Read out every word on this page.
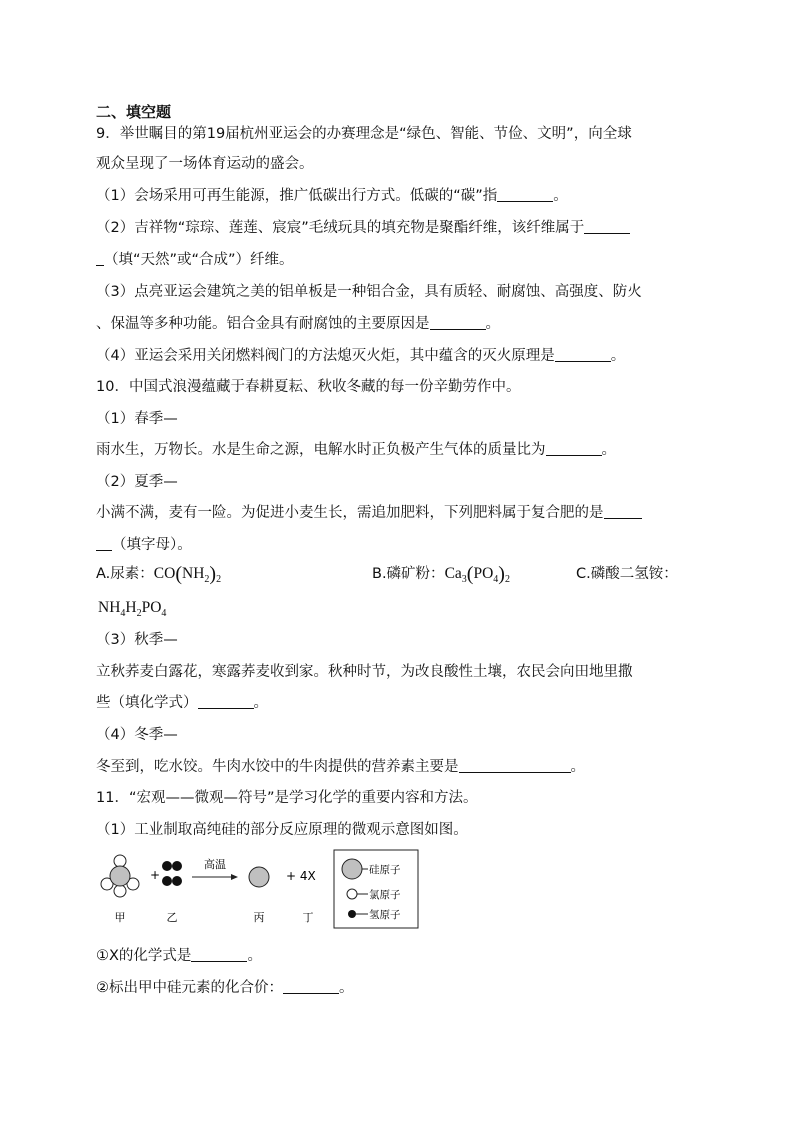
二、填空题
9．举世瞩目的第19届杭州亚运会的办赛理念是“绿色、智能、节俭、文明”，向全球
观众呈现了一场体育运动的盛会。
（1）会场采用可再生能源，推广低碳出行方式。低碳的“碳”指	。
（2）吉祥物“琮琮、莲莲、宸宸”毛绒玩具的填充物是聚酯纤维，该纤维属于
（填“天然”或“合成”）纤维。
（3）点亮亚运会建筑之美的铝单板是一种铝合金，具有质轻、耐腐蚀、高强度、防火
、保温等多种功能。铝合金具有耐腐蚀的主要原因是	。
（4）亚运会采用关闭燃料阀门的方法熄灭火炬，其中蕴含的灭火原理是	。
10．中国式浪漫蕴藏于春耕夏耘、秋收冬藏的每一份辛勤劳作中。
（1）春季—
雨水生，万物长。水是生命之源，电解水时正负极产生气体的质量比为	。
（2）夏季—
小满不满，麦有一险。为促进小麦生长，需追加肥料，下列肥料属于复合肥的是
（填字母）。
A.尿素：$CO(NH_2)_2$	B.磷矿粉：$Ca_3(PO_4)_2$	C.磷酸二氢铵：
$NH_4H_2PO_4$
（3）秋季—
立秋荞麦白露花，寒露荞麦收到家。秋种时节，为改良酸性土壤，农民会向田地里撒
些（填化学式）	。
（4）冬季—
冬至到，吃水饺。牛肉水饺中的牛肉提供的营养素主要是	。
11．“宏观——微观—符号”是学习化学的重要内容和方法。
（1）工业制取高纯硅的部分反应原理的微观示意图如图。
+
高温
+ 4X
甲	乙	丙	丁
硅原子
氯原子
氢原子
①X的化学式是	。
②标出甲中硅元素的化合价：	。
